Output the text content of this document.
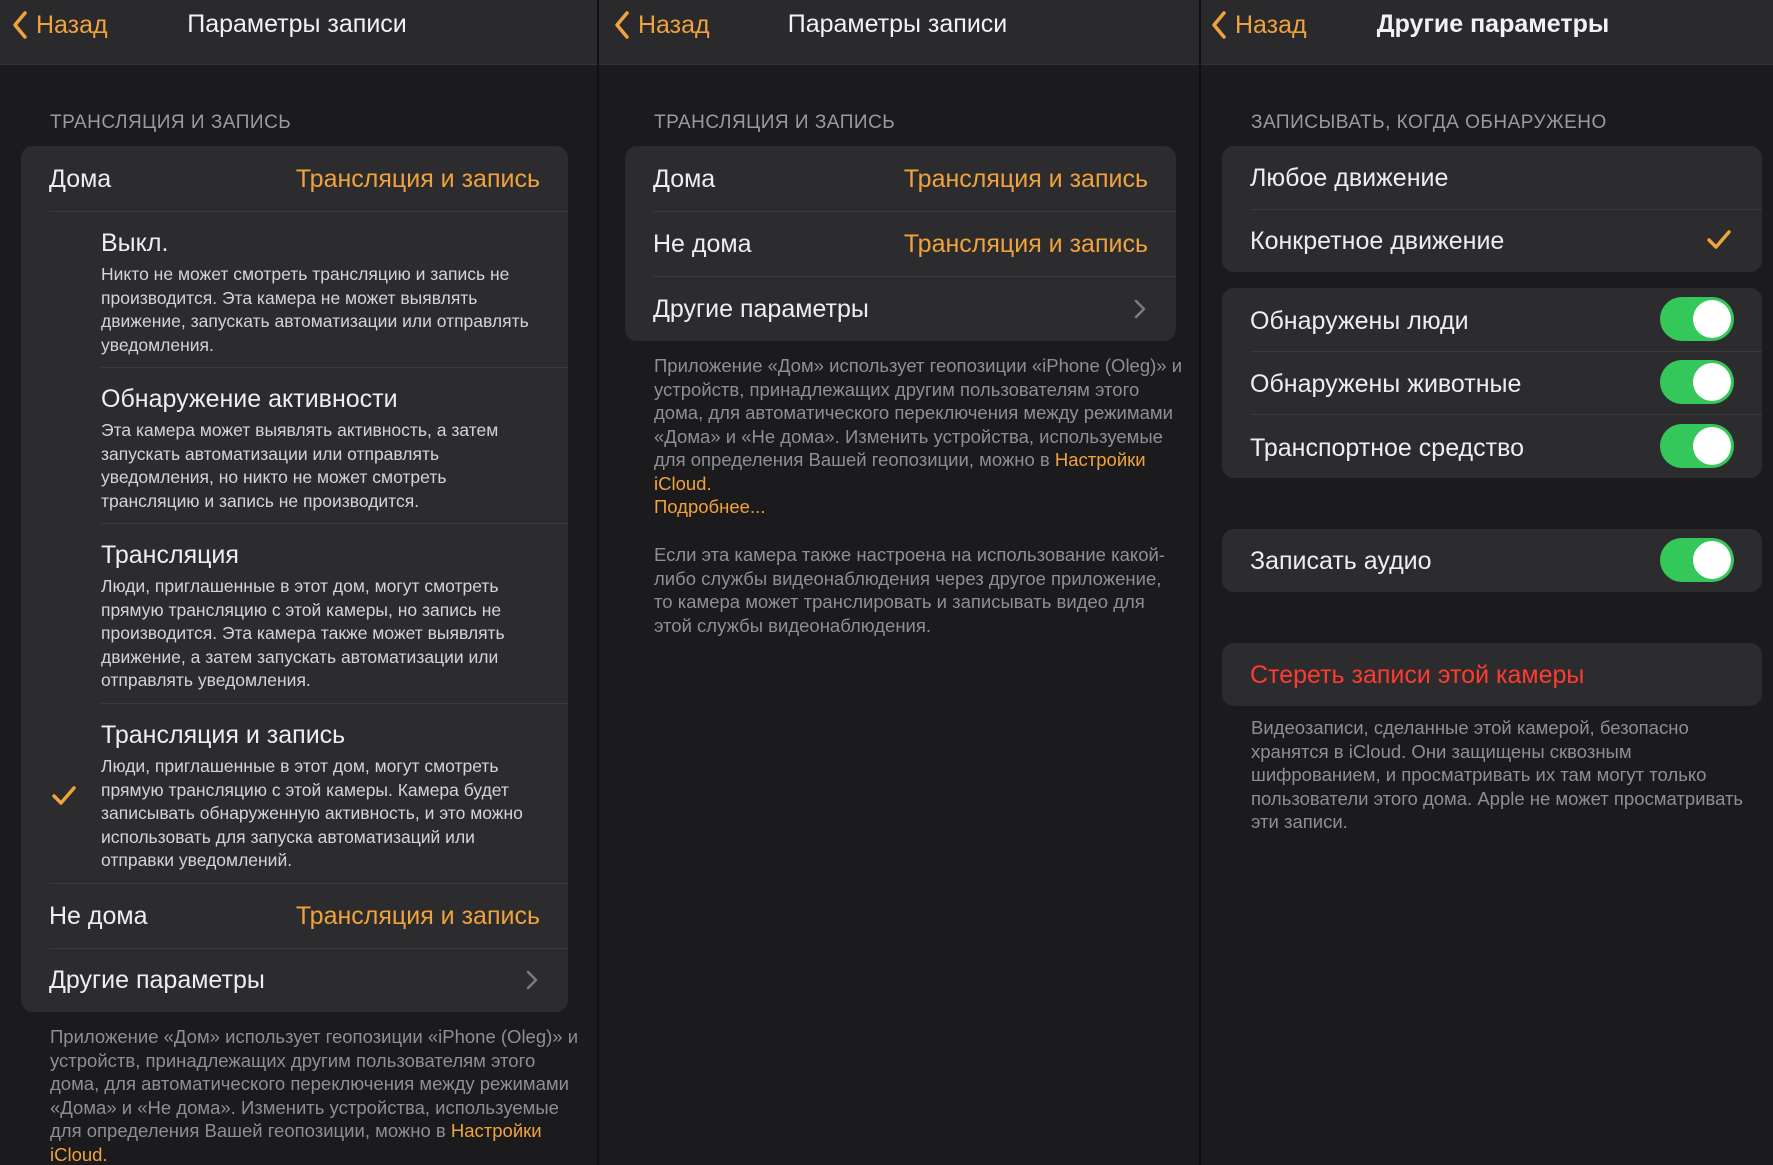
Назад	Параметры записи
ТРАНСЛЯЦИЯ И ЗАПИСЬ
Дома	Трансляция и запись
Выкл.
Никто не может смотреть трансляцию и запись не производится. Эта камера не может выявлять движение, запускать автоматизации или отправлять уведомления.
Обнаружение активности
Эта камера может выявлять активность, а затем запускать автоматизации или отправлять уведомления, но никто не может смотреть трансляцию и запись не производится.
Трансляция
Люди, приглашенные в этот дом, могут смотреть прямую трансляцию с этой камеры, но запись не производится. Эта камера также может выявлять движение, а затем запускать автоматизации или отправлять уведомления.
Трансляция и запись
Люди, приглашенные в этот дом, могут смотреть прямую трансляцию с этой камеры. Камера будет записывать обнаруженную активность, и это можно использовать для запуска автоматизаций или отправки уведомлений.
Не дома	Трансляция и запись
Другие параметры
Приложение «Дом» использует геопозиции «iPhone (Oleg)» и устройств, принадлежащих другим пользователям этого дома, для автоматического переключения между режимами «Дома» и «Не дома». Изменить устройства, используемые для определения Вашей геопозиции, можно в Настройки iCloud.
Назад	Параметры записи
ТРАНСЛЯЦИЯ И ЗАПИСЬ
Дома	Трансляция и запись
Не дома	Трансляция и запись
Другие параметры
Приложение «Дом» использует геопозиции «iPhone (Oleg)» и устройств, принадлежащих другим пользователям этого дома, для автоматического переключения между режимами «Дома» и «Не дома». Изменить устройства, используемые для определения Вашей геопозиции, можно в Настройки iCloud.
Подробнее...
Если эта камера также настроена на использование какой-либо службы видеонаблюдения через другое приложение, то камера может транслировать и записывать видео для этой службы видеонаблюдения.
Назад	Другие параметры
ЗАПИСЫВАТЬ, КОГДА ОБНАРУЖЕНО
Любое движение
Конкретное движение
Обнаружены люди
Обнаружены животные
Транспортное средство
Записать аудио
Стереть записи этой камеры
Видеозаписи, сделанные этой камерой, безопасно хранятся в iCloud. Они защищены сквозным шифрованием, и просматривать их там могут только пользователи этого дома. Apple не может просматривать эти записи.
